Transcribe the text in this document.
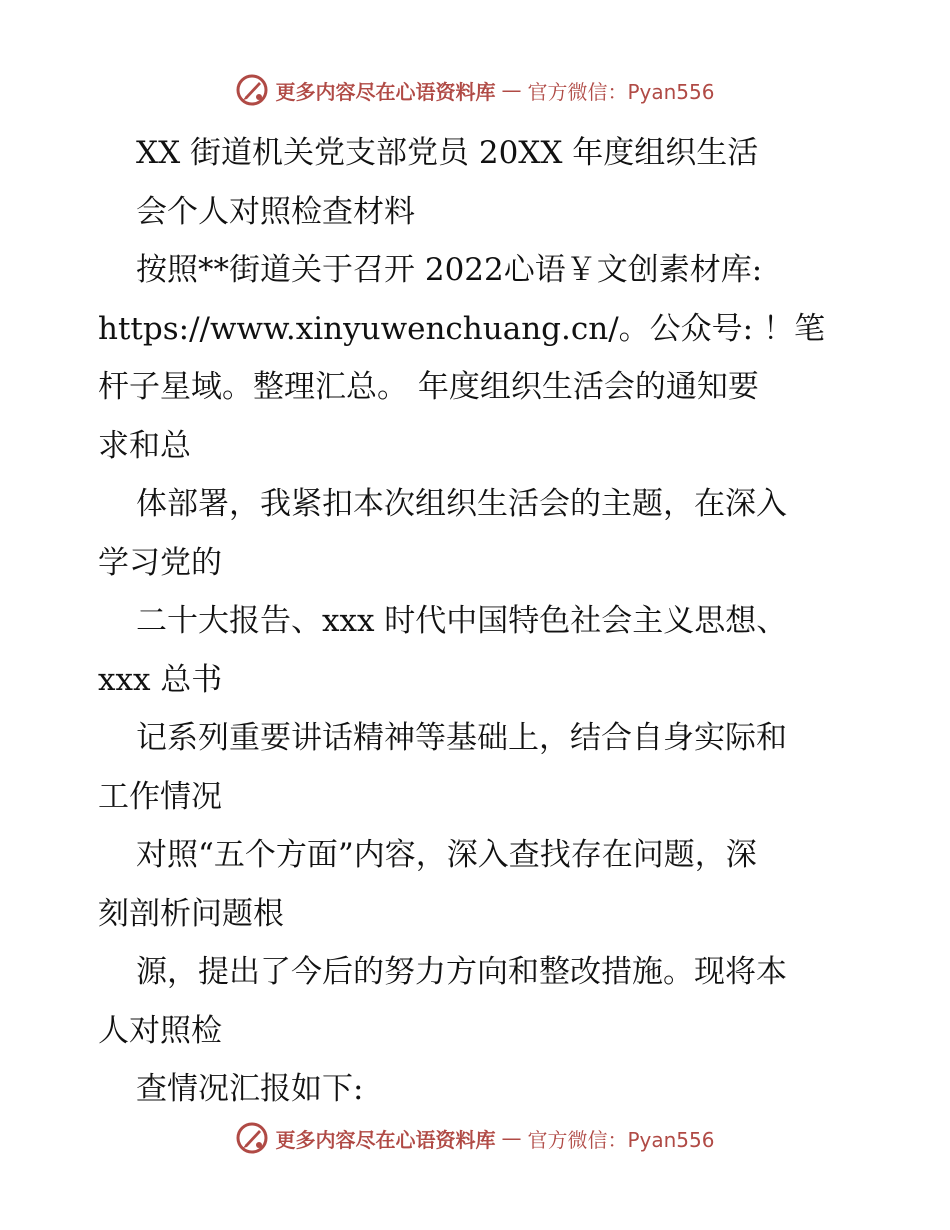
更多内容尽在心语资料库 — 官方微信：Pyan556
XX 街道机关党支部党员 20XX 年度组织生活
会个人对照检查材料
按照**街道关于召开 2022心语￥文创素材库:
https://www.xinyuwenchuang.cn/。公众号: ！笔
杆子星域。整理汇总。 年度组织生活会的通知要
求和总
体部署，我紧扣本次组织生活会的主题，在深入
学习党的
二十大报告、xxx 时代中国特色社会主义思想、
xxx 总书
记系列重要讲话精神等基础上，结合自身实际和
工作情况
对照“五个方面”内容，深入查找存在问题，深
刻剖析问题根
源，提出了今后的努力方向和整改措施。现将本
人对照检
查情况汇报如下:
更多内容尽在心语资料库 — 官方微信：Pyan556
